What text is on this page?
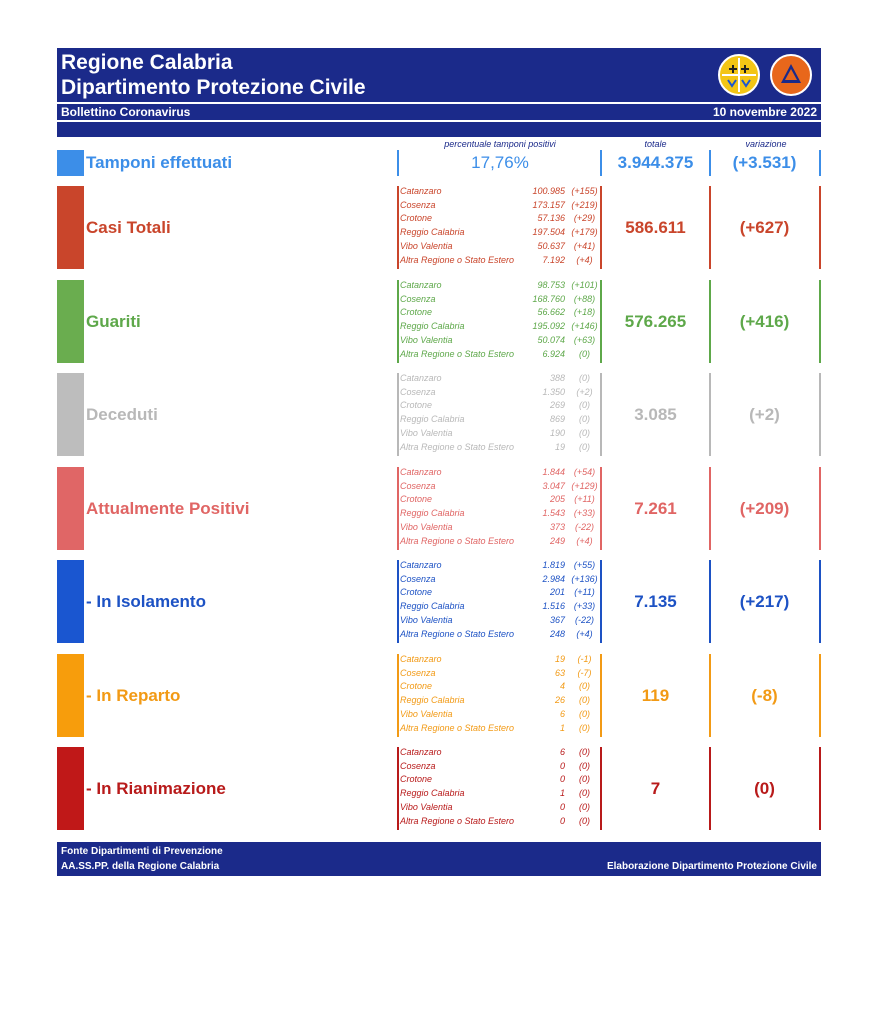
Regione Calabria
Dipartimento Protezione Civile
Bollettino Coronavirus	10 novembre 2022
percentuale tamponi positivi	totale	variazione
Tamponi effettuati	17,76%	3.944.375	(+3.531)
Casi Totali
Catanzaro	100.985 (+155)
Cosenza	173.157 (+219)
Crotone	57.136 (+29)
Reggio Calabria	197.504 (+179)
Vibo Valentia	50.637 (+41)
Altra Regione o Stato Estero	7.192	(+4)
586.611	(+627)
Guariti
Catanzaro	98.753 (+101)
Cosenza	168.760 (+88)
Crotone	56.662 (+18)
Reggio Calabria	195.092 (+146)
Vibo Valentia	50.074 (+63)
Altra Regione o Stato Estero	6.924	(0)
576.265	(+416)
Deceduti
Catanzaro	388	(0)
Cosenza	1.350	(+2)
Crotone	269	(0)
Reggio Calabria	869	(0)
Vibo Valentia	190	(0)
Altra Regione o Stato Estero	19	(0)
3.085	(+2)
Attualmente Positivi
Catanzaro	1.844 (+54)
Cosenza	3.047 (+129)
Crotone	205	(+11)
Reggio Calabria	1.543 (+33)
Vibo Valentia	373	(-22)
Altra Regione o Stato Estero	249	(+4)
7.261	(+209)
- In Isolamento
Catanzaro	1.819 (+55)
Cosenza	2.984 (+136)
Crotone	201	(+11)
Reggio Calabria	1.516 (+33)
Vibo Valentia	367	(-22)
Altra Regione o Stato Estero	248	(+4)
7.135	(+217)
- In Reparto
Catanzaro	19	(-1)
Cosenza	63	(-7)
Crotone	4	(0)
Reggio Calabria	26	(0)
Vibo Valentia	6	(0)
Altra Regione o Stato Estero	1	(0)
119	(-8)
- In Rianimazione
Catanzaro	6	(0)
Cosenza	0	(0)
Crotone	0	(0)
Reggio Calabria	1	(0)
Vibo Valentia	0	(0)
Altra Regione o Stato Estero	0	(0)
7	(0)
Fonte Dipartimenti di Prevenzione
AA.SS.PP. della Regione Calabria	Elaborazione Dipartimento Protezione Civile
